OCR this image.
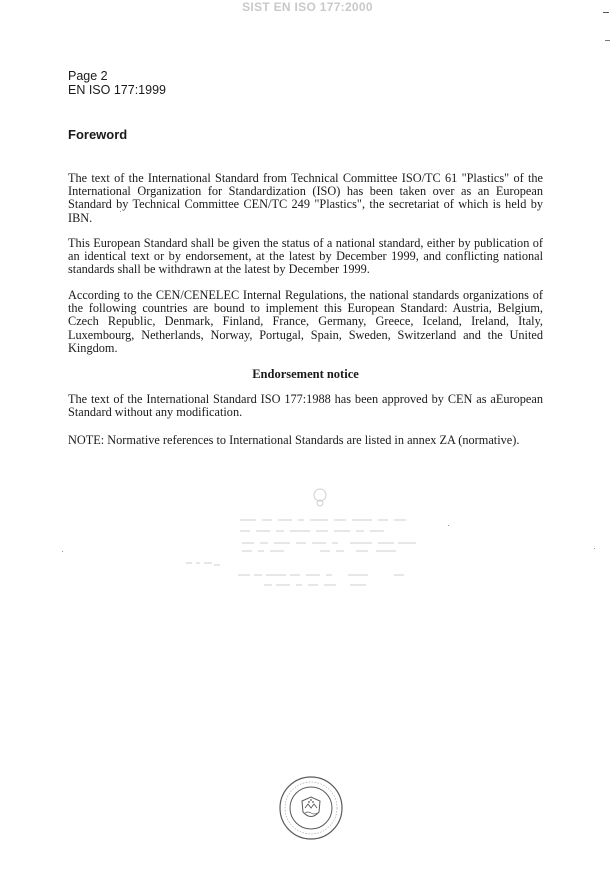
SIST EN ISO 177:2000
Page 2
EN ISO 177:1999
Foreword

The text of the International Standard from Technical Committee ISO/TC 61 "Plastics" of the International Organization for Standardization (ISO) has been taken over as an European Standard by Technical Committee CEN/TC 249 "Plastics", the secretariat of which is held by IBN.

This European Standard shall be given the status of a national standard, either by publication of an identical text or by endorsement, at the latest by December 1999, and conflicting national standards shall be withdrawn at the latest by December 1999.

According to the CEN/CENELEC Internal Regulations, the national standards organizations of the following countries are bound to implement this European Standard: Austria, Belgium, Czech Republic, Denmark, Finland, France, Germany, Greece, Iceland, Ireland, Italy, Luxembourg, Netherlands, Norway, Portugal, Spain, Sweden, Switzerland and the United Kingdom.

Endorsement notice

The text of the International Standard ISO 177:1988 has been approved by CEN as aEuropean Standard without any modification.

NOTE: Normative references to International Standards are listed in annex ZA (normative).
